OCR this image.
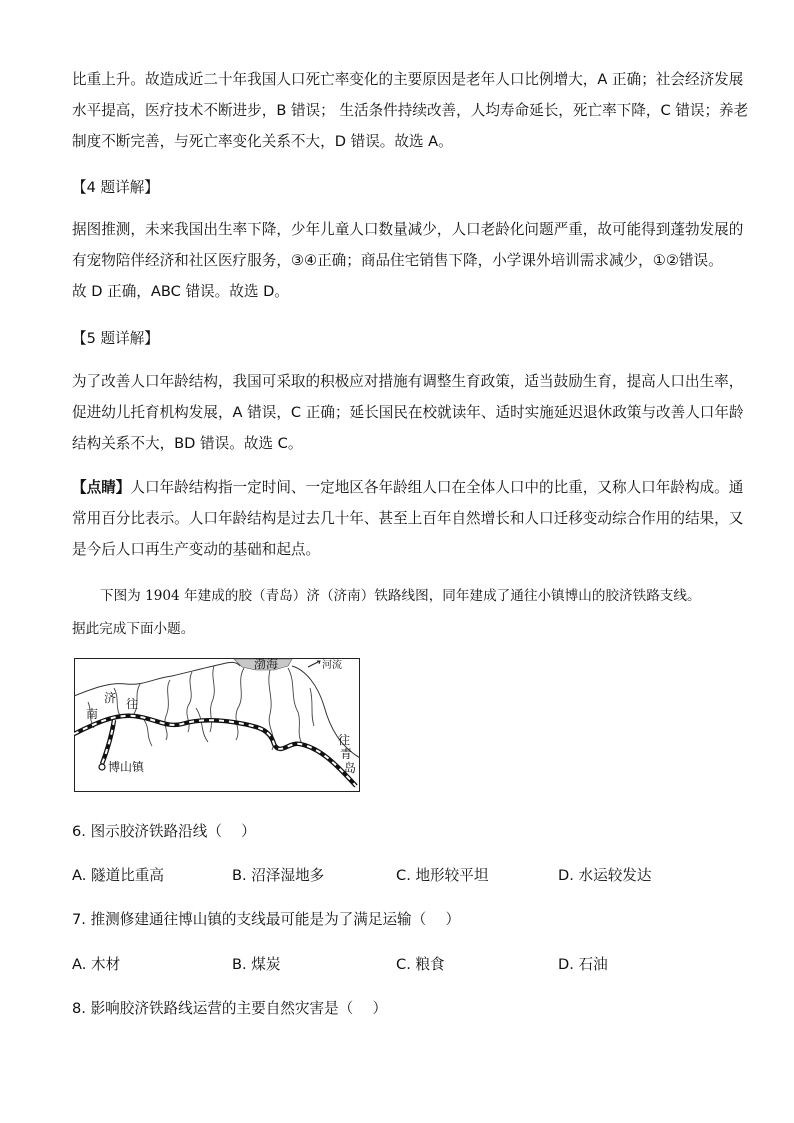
比重上升。故造成近二十年我国人口死亡率变化的主要原因是老年人口比例增大，A 正确；社会经济发展

水平提高，医疗技术不断进步，B 错误； 生活条件持续改善，人均寿命延长，死亡率下降，C 错误；养老

制度不断完善，与死亡率变化关系不大，D 错误。故选 A。

【4 题详解】

据图推测，未来我国出生率下降，少年儿童人口数量减少，人口老龄化问题严重，故可能得到蓬勃发展的

有宠物陪伴经济和社区医疗服务，③④正确；商品住宅销售下降，小学课外培训需求减少，①②错误。

故 D 正确，ABC 错误。故选 D。

【5 题详解】

为了改善人口年龄结构，我国可采取的积极应对措施有调整生育政策，适当鼓励生育，提高人口出生率，

促进幼儿托育机构发展，A 错误，C 正确；延长国民在校就读年、适时实施延迟退休政策与改善人口年龄

结构关系不大，BD 错误。故选 C。

【点睛】人口年龄结构指一定时间、一定地区各年龄组人口在全体人口中的比重，又称人口年龄构成。通

常用百分比表示。人口年龄结构是过去几十年、甚至上百年自然增长和人口迁移变动综合作用的结果，又

是今后人口再生产变动的基础和起点。

下图为 1904 年建成的胶（青岛）济（济南）铁路线图，同年建成了通往小镇博山的胶济铁路支线。
据此完成下面小题。
渤海	河流
往
济
南
往
青
岛
博山镇
6. 图示胶济铁路沿线（　 ）
A. 隧道比重高	B. 沼泽湿地多	C. 地形较平坦	D. 水运较发达
7. 推测修建通往博山镇的支线最可能是为了满足运输（　 ）
A. 木材	B. 煤炭	C. 粮食	D. 石油
8. 影响胶济铁路线运营的主要自然灾害是（　 ）
